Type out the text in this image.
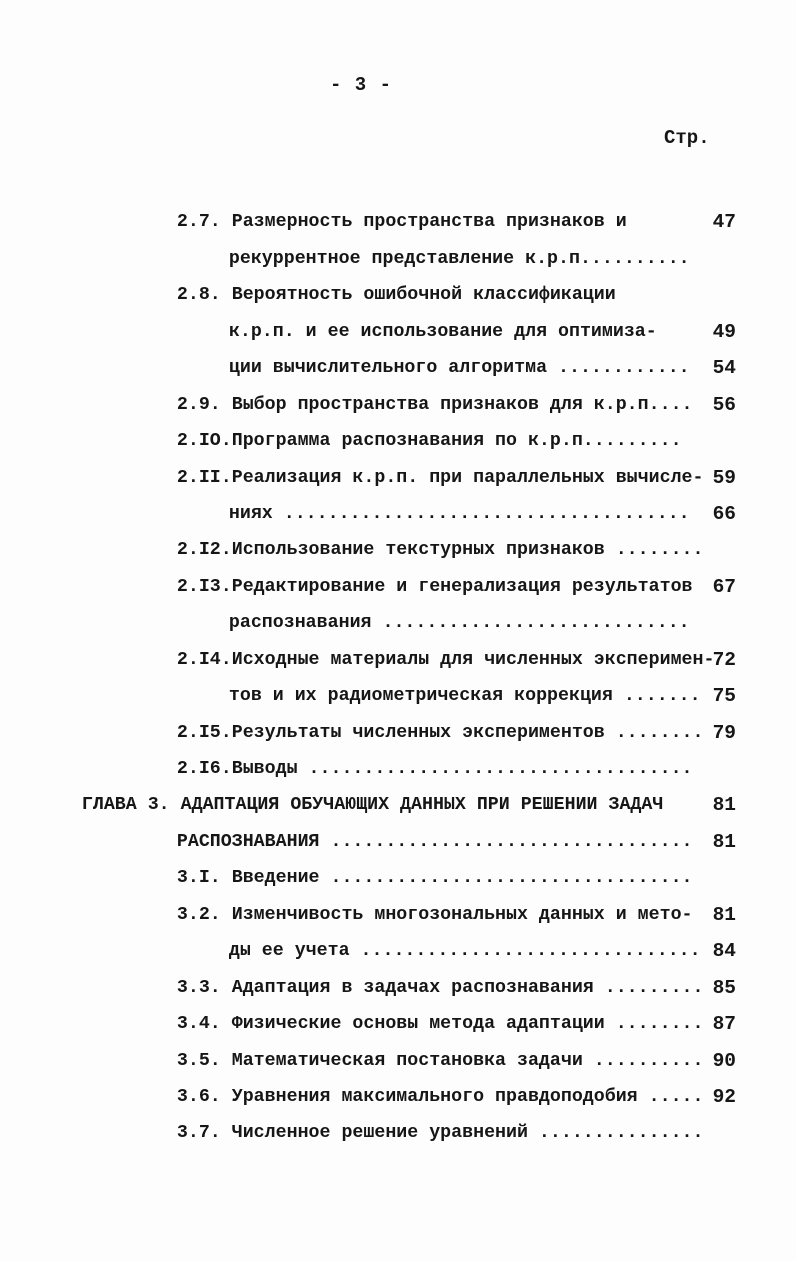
- 3 -
Стр.

2.7. Размерность пространства признаков и

рекуррентное представление к.р.п..........

47

2.8. Вероятность ошибочной классификации

к.р.п. и ее использование для оптимиза-

ции вычислительного алгоритма ............

49

2.9. Выбор пространства признаков для к.р.п....

54

2.IO.Программа распознавания по к.р.п.........

56

2.II.Реализация к.р.п. при параллельных вычисле-

ниях .....................................

59

2.I2.Использование текстурных признаков ........

66

2.I3.Редактирование и генерализация результатов

распознавания ............................

67

2.I4.Исходные материалы для численных эксперимен-

тов и их радиометрическая коррекция .......

72

2.I5.Результаты численных экспериментов ........

75

2.I6.Выводы ...................................

79

ГЛАВА 3. АДАПТАЦИЯ ОБУЧАЮЩИХ ДАННЫХ ПРИ РЕШЕНИИ ЗАДАЧ

РАСПОЗНАВАНИЯ .................................

81

3.I. Введение .................................

81

3.2. Изменчивость многозональных данных и мето-

ды ее учета ...............................

81

3.3. Адаптация в задачах распознавания .........

84

3.4. Физические основы метода адаптации ........

85

3.5. Математическая постановка задачи ..........

87

3.6. Уравнения максимального правдоподобия .....

90

3.7. Численное решение уравнений ...............

92
